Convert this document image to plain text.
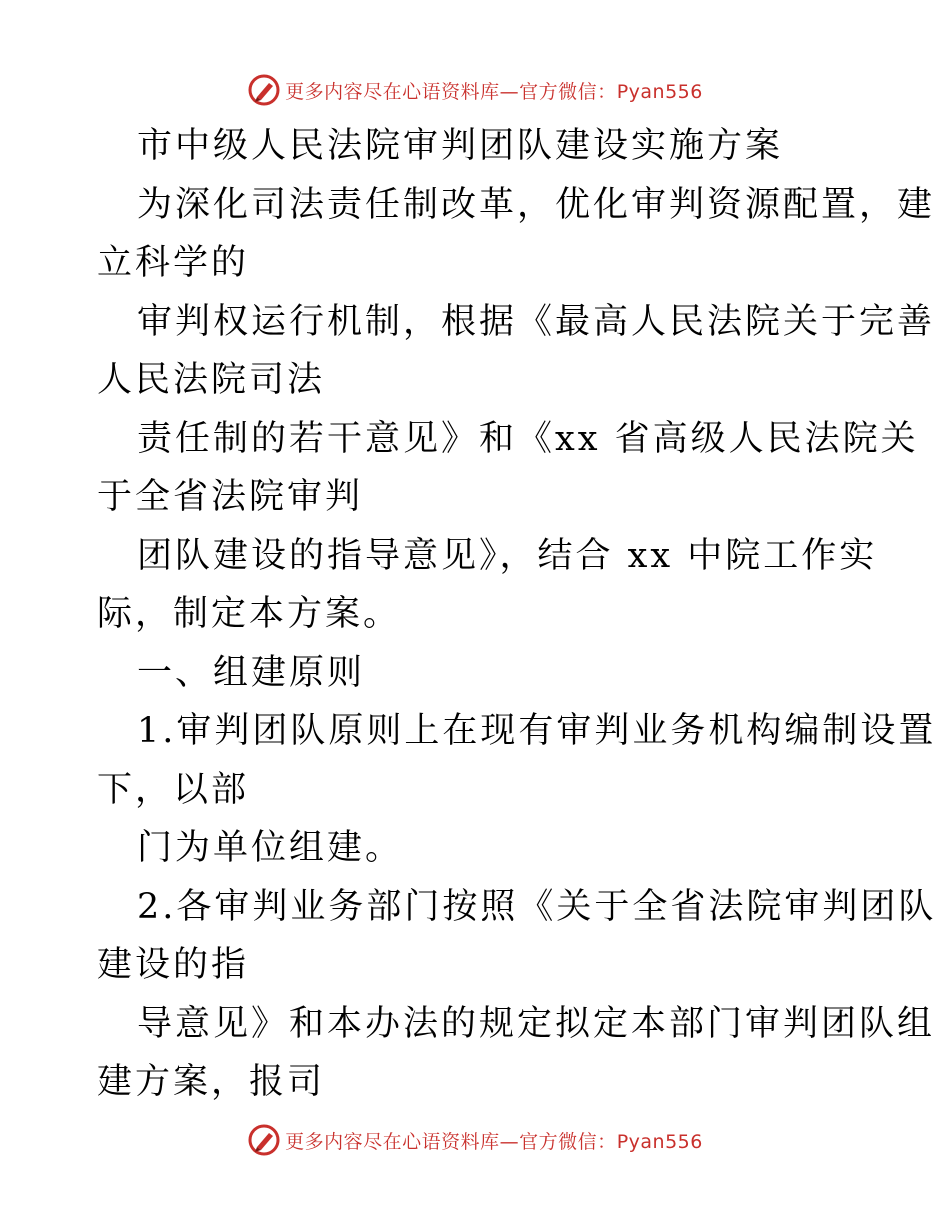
更多内容尽在心语资料库—官方微信：Pyan556
市中级人民法院审判团队建设实施方案
为深化司法责任制改革，优化审判资源配置，建
立科学的
审判权运行机制，根据《最高人民法院关于完善
人民法院司法
责任制的若干意见》和《xx 省高级人民法院关
于全省法院审判
团队建设的指导意见》，结合 xx 中院工作实
际，制定本方案。
一、组建原则
1.审判团队原则上在现有审判业务机构编制设置
下，以部
门为单位组建。
2.各审判业务部门按照《关于全省法院审判团队
建设的指
导意见》和本办法的规定拟定本部门审判团队组
建方案，报司
更多内容尽在心语资料库—官方微信：Pyan556
